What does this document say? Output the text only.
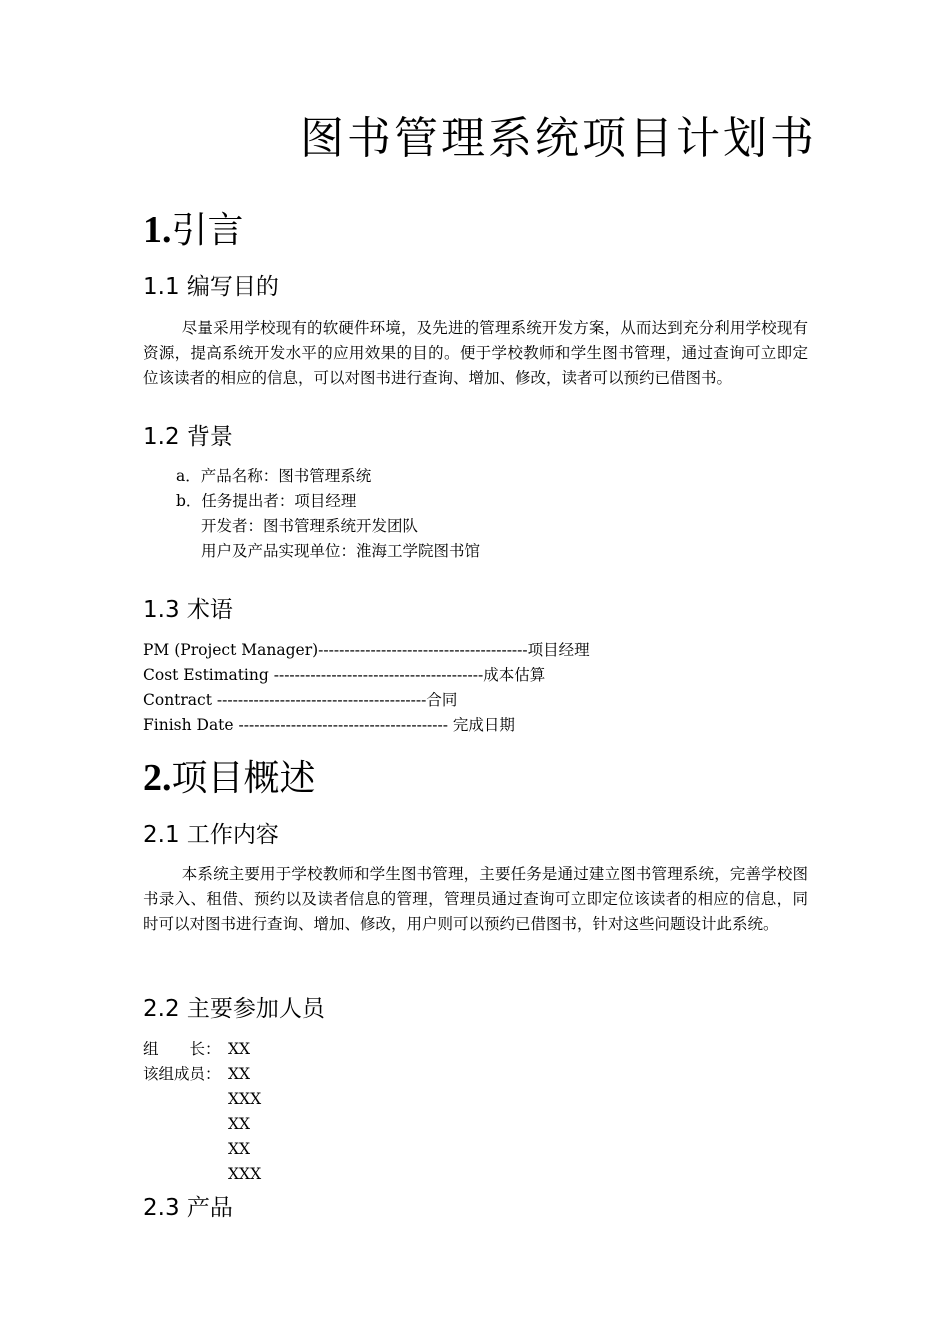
图书管理系统项目计划书
1.引言
1.1 编写目的

尽量采用学校现有的软硬件环境，及先进的管理系统开发方案，从而达到充分利用学校现有资源，提高系统开发水平的应用效果的目的。便于学校教师和学生图书管理，通过查询可立即定位该读者的相应的信息，可以对图书进行查询、增加、修改，读者可以预约已借图书。

1.2 背景
a．产品名称：图书管理系统
b．任务提出者：项目经理
开发者：图书管理系统开发团队
用户及产品实现单位：淮海工学院图书馆
1.3 术语
PM (Project Manager)----------------------------------------项目经理
Cost Estimating ----------------------------------------成本估算
Contract ----------------------------------------合同
Finish Date ---------------------------------------- 完成日期
2.项目概述
2.1 工作内容

本系统主要用于学校教师和学生图书管理，主要任务是通过建立图书管理系统，完善学校图书录入、租借、预约以及读者信息的管理，管理员通过查询可立即定位该读者的相应的信息，同时可以对图书进行查询、增加、修改，用户则可以预约已借图书，针对这些问题设计此系统。

2.2 主要参加人员
组　　长： XX
该组成员： XX
XXX
XX
XX
XXX
2.3 产品
